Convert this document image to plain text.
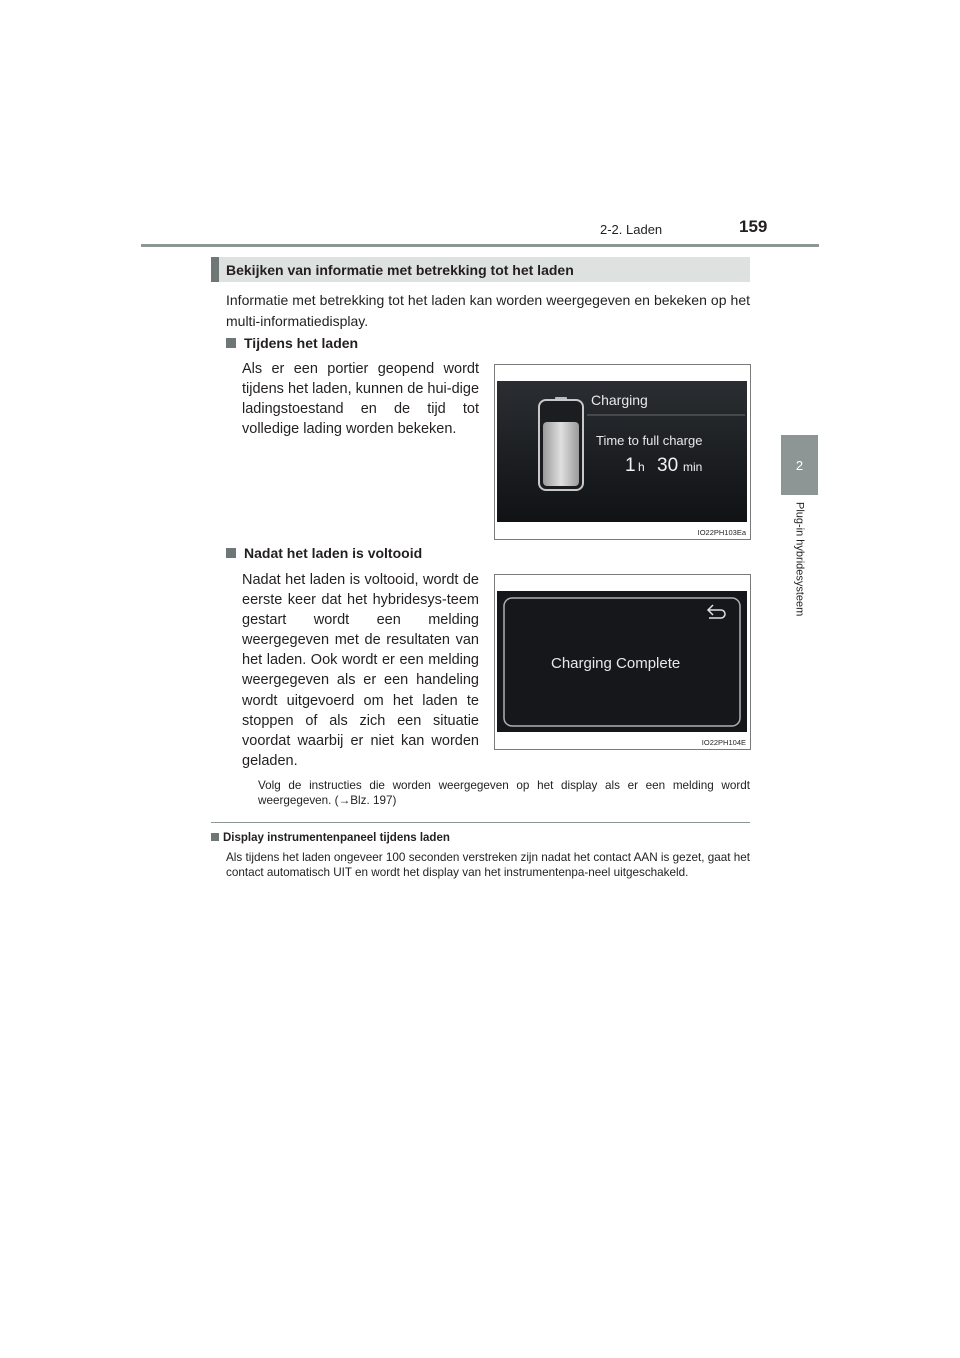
2-2. Laden	159
2
Plug-in hybridesysteem
Bekijken van informatie met betrekking tot het laden
Informatie met betrekking tot het laden kan worden weergegeven en bekeken op het multi-informatiedisplay.
Tijdens het laden
Als er een portier geopend wordt tijdens het laden, kunnen de hui-dige ladingstoestand en de tijd tot volledige lading worden bekeken.
Charging
Time to full charge
1 h 30 min
IO22PH103Ea
Nadat het laden is voltooid
Nadat het laden is voltooid, wordt de eerste keer dat het hybridesys-teem gestart wordt een melding weergegeven met de resultaten van het laden. Ook wordt er een melding weergegeven als er een handeling wordt uitgevoerd om het laden te stoppen of als zich een situatie voordat waarbij er niet kan worden geladen.
Charging Complete
IO22PH104E
Volg de instructies die worden weergegeven op het display als er een melding wordt weergegeven. (→Blz. 197)
Display instrumentenpaneel tijdens laden
Als tijdens het laden ongeveer 100 seconden verstreken zijn nadat het contact AAN is gezet, gaat het contact automatisch UIT en wordt het display van het instrumentenpa-neel uitgeschakeld.
